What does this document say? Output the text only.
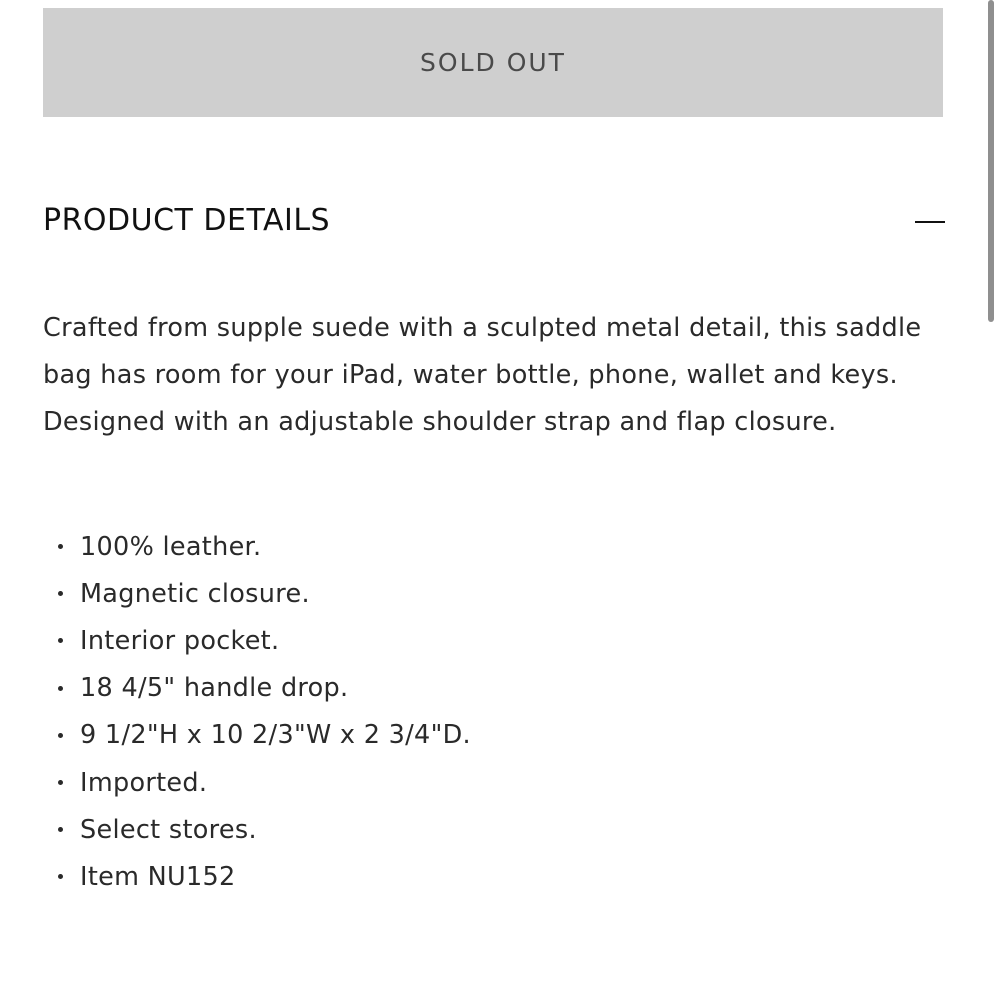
SOLD OUT
PRODUCT DETAILS

Crafted from supple suede with a sculpted metal detail, this saddle bag has room for your iPad, water bottle, phone, wallet and keys. Designed with an adjustable shoulder strap and flap closure.

100% leather.
Magnetic closure.
Interior pocket.
18 4/5" handle drop.
9 1/2"H x 10 2/3"W x 2 3/4"D.
Imported.
Select stores.
Item NU152
